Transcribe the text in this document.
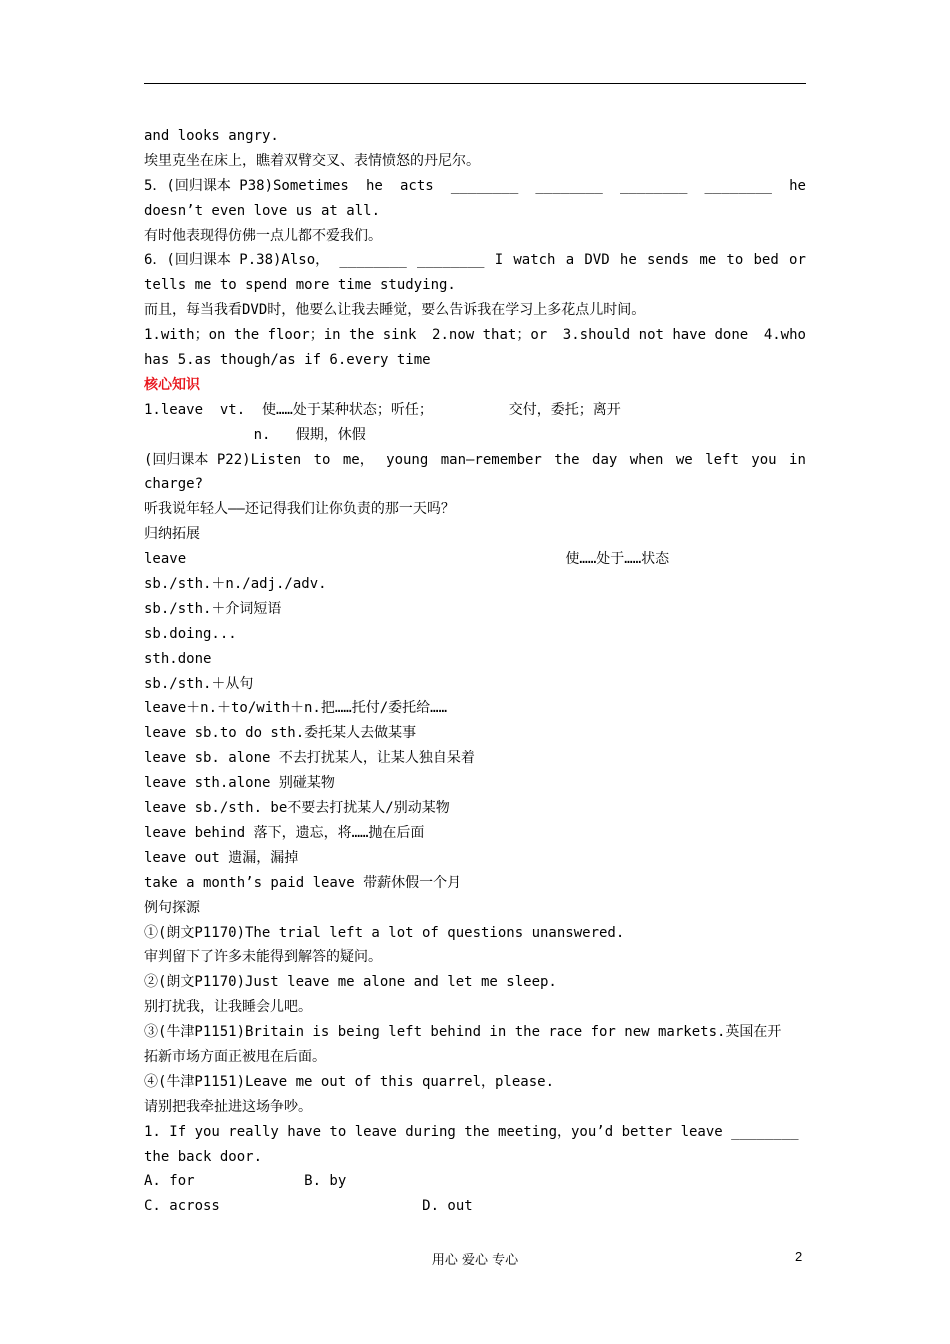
and looks angry.
埃里克坐在床上，瞧着双臂交叉、表情愤怒的丹尼尔。
5．(回归课本 P38)Sometimes he acts ________ ________ ________ ________ he
doesn’t even love us at all.
有时他表现得仿佛一点儿都不爱我们。
6．(回归课本 P.38)Also， ________ ________ I watch a DVD he sends me to bed or
tells me to spend more time studying.
而且，每当我看DVD时，他要么让我去睡觉，要么告诉我在学习上多花点儿时间。
1.with；on the floor；in the sink 2.now that；or 3.should not have done 4.who
has 5.as though/as if 6.every time
核心知识
1.leave  vt.  使……处于某种状态；听任；         交付，委托；离开
n.   假期，休假
(回归课本 P22)Listen to me， young man—remember the day when we left you in
charge?
听我说年轻人——还记得我们让你负责的那一天吗？
归纳拓展
leave                                             使……处于……状态
sb./sth.＋n./adj./adv.
sb./sth.＋介词短语
sb.doing...
sth.done
sb./sth.＋从句
leave＋n.＋to/with＋n.把……托付/委托给……
leave sb.to do sth.委托某人去做某事
leave sb. alone 不去打扰某人，让某人独自呆着
leave sth.alone 别碰某物
leave sb./sth. be不要去打扰某人/别动某物
leave behind 落下，遗忘，将……抛在后面
leave out 遗漏，漏掉
take a month’s paid leave 带薪休假一个月
例句探源
①(朗文P1170)The trial left a lot of questions unanswered.
审判留下了许多未能得到解答的疑问。
②(朗文P1170)Just leave me alone and let me sleep.
别打扰我，让我睡会儿吧。
③(牛津P1151)Britain is being left behind in the race for new markets.英国在开
拓新市场方面正被甩在后面。
④(牛津P1151)Leave me out of this quarrel，please.
请别把我牵扯进这场争吵。
1. If you really have to leave during the meeting，you’d better leave ________
the back door.
A. for             B. by
C. across                        D. out
用心 爱心 专心	2
